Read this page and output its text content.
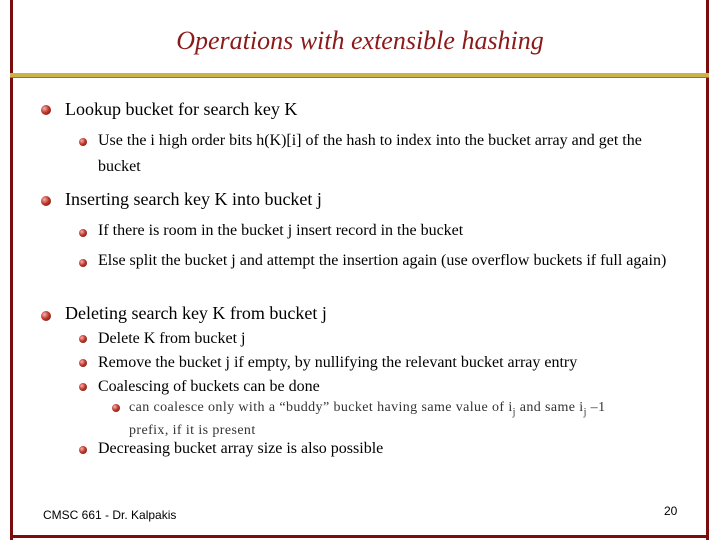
Operations with extensible hashing
Lookup bucket for search key K
Use the i high order bits h(K)[i] of the hash to index into the bucket array and get the bucket
Inserting search key K into bucket j
If there is room in the bucket j insert record in the bucket
Else split the bucket j and attempt the insertion again (use overflow buckets if full again)
Deleting search key K from bucket j
Delete K from bucket j
Remove the bucket j if empty, by nullifying the relevant bucket array entry
Coalescing of buckets can be done
can coalesce only with a “buddy” bucket having same value of $i_j$ and same $i_j$ –1
prefix, if it is present
Decreasing bucket array size is also possible
CMSC 661 - Dr. Kalpakis	20
